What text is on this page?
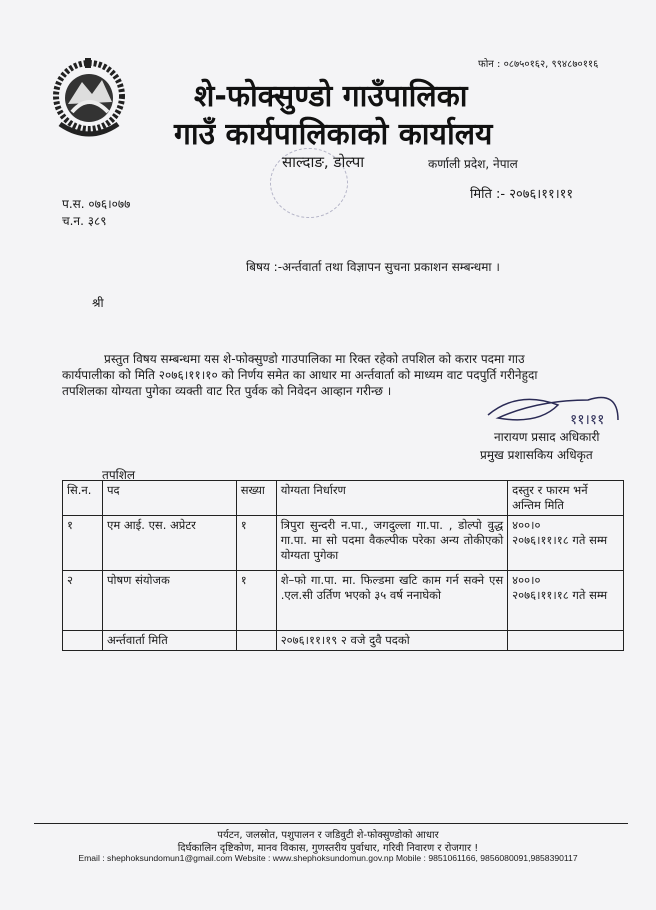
फोन : ०८७५०१६२, ९९४८७०११६
शे-फोक्सुण्डो गाउँपालिका
गाउँ कार्यपालिकाको कार्यालय
साल्दाङ, डोल्पा	कर्णाली प्रदेश, नेपाल
मिति :- २०७६।११।११
प.स. ०७६।०७७
च.न. ३८९
बिषय :-अर्न्तवार्ता तथा विज्ञापन सुचना प्रकाशन सम्बन्धमा ।
श्री
प्रस्तुत विषय सम्बन्धमा यस शे-फोक्सुण्डो गाउपालिका मा रिक्त रहेको तपशिल को करार पदमा गाउ
कार्यपालीका को मिति २०७६।११।१० को निर्णय समेत का आधार मा अर्न्तवार्ता को माध्यम वाट पदपुर्ति गरीनेहुदा
तपशिलका योग्यता पुगेका व्यक्ती वाट रित पुर्वक को निवेदन आव्हान गरीन्छ ।
११।११
नारायण प्रसाद अधिकारी
प्रमुख प्रशासकिय अधिकृत
तपशिल
सि.न.	पद	सख्या	योग्यता निर्धारण	दस्तुर र फारम भर्ने अन्तिम मिति
१	एम आई. एस. अप्रेटर	१	त्रिपुरा सुन्दरी न.पा., जगदुल्ला गा.पा. , डोल्पो वुद्ध गा.पा. मा सो पदमा वैकल्पीक परेका अन्य तोकीएको योग्यता पुगेका	४००।०
२०७६।११।१८ गते सम्म

२	पोषण संयोजक	१	शे–फो गा.पा. मा. फिल्डमा खटि काम गर्न सक्ने एस .एल.सी उर्तिण भएको ३५ वर्ष ननाघेको	४००।०
२०७६।११।१८ गते सम्म

	अर्न्तवार्ता मिति		२०७६।११।१९ २ वजे दुवै पदको	
पर्यटन, जलस्रोत, पशुपालन र जडिवुटी शे-फोक्सुण्डोको आधार
दिर्घकालिन दृष्टिकोण, मानव विकास, गुणस्तरीय पुर्वाधार, गरिवी निवारण र रोजगार !
Email : shephoksundomun1@gmail.com Website : www.shephoksundomun.gov.np Mobile : 9851061166, 9856080091,9858390117
